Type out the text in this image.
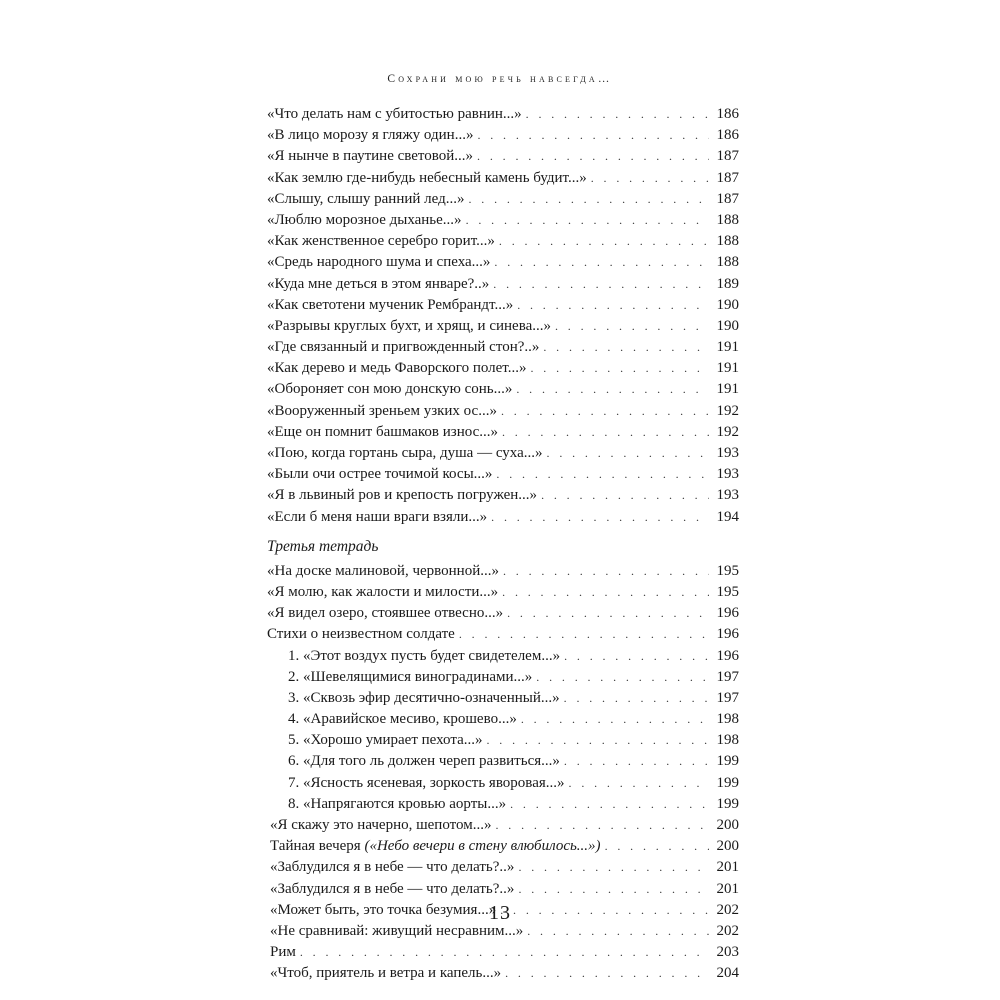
Сохрани мою речь навсегда…
«Что делать нам с убитостью равнин...» . . .	186
«В лицо морозу я гляжу один...» . . .	186
«Я нынче в паутине световой...» . . .	187
«Как землю где-нибудь небесный камень будит...» . . .	187
«Слышу, слышу ранний лед...» . . .	187
«Люблю морозное дыханье...» . . .	188
«Как женственное серебро горит...» . . .	188
«Средь народного шума и спеха...» . . .	188
«Куда мне деться в этом январе?..» . . .	189
«Как светотени мученик Рембрандт...» . . .	190
«Разрывы круглых бухт, и хрящ, и синева...» . . .	190
«Где связанный и пригвожденный стон?..» . . .	191
«Как дерево и медь Фаворского полет...» . . .	191
«Обороняет сон мою донскую сонь...» . . .	191
«Вооруженный зреньем узких ос...» . . .	192
«Еще он помнит башмаков износ...» . . .	192
«Пою, когда гортань сыра, душа — суха...» . . .	193
«Были очи острее точимой косы...» . . .	193
«Я в львиный ров и крепость погружен...» . . .	193
«Если б меня наши враги взяли...» . . .	194
Третья тетрадь
«На доске малиновой, червонной...» . . .	195
«Я молю, как жалости и милости...» . . .	195
«Я видел озеро, стоявшее отвесно...» . . .	196
Стихи о неизвестном солдате . . .	196
1. «Этот воздух пусть будет свидетелем...» . . .	196
2. «Шевелящимися виноградинами...» . . .	197
3. «Сквозь эфир десятично-означенный...» . . .	197
4. «Аравийское месиво, крошево...» . . .	198
5. «Хорошо умирает пехота...» . . .	198
6. «Для того ль должен череп развиться...» . . .	199
7. «Ясность ясеневая, зоркость яворовая...» . . .	199
8. «Напрягаются кровью аорты...» . . .	199
«Я скажу это начерно, шепотом...» . . .	200
Тайная вечеря («Небо вечери в стену влюбилось...») . . .	200
«Заблудился я в небе — что делать?..» . . .	201
«Заблудился я в небе — что делать?..» . . .	201
«Может быть, это точка безумия...» . . .	202
«Не сравнивай: живущий несравним...» . . .	202
Рим . . .	203
«Чтоб, приятель и ветра и капель...» . . .	204
13
